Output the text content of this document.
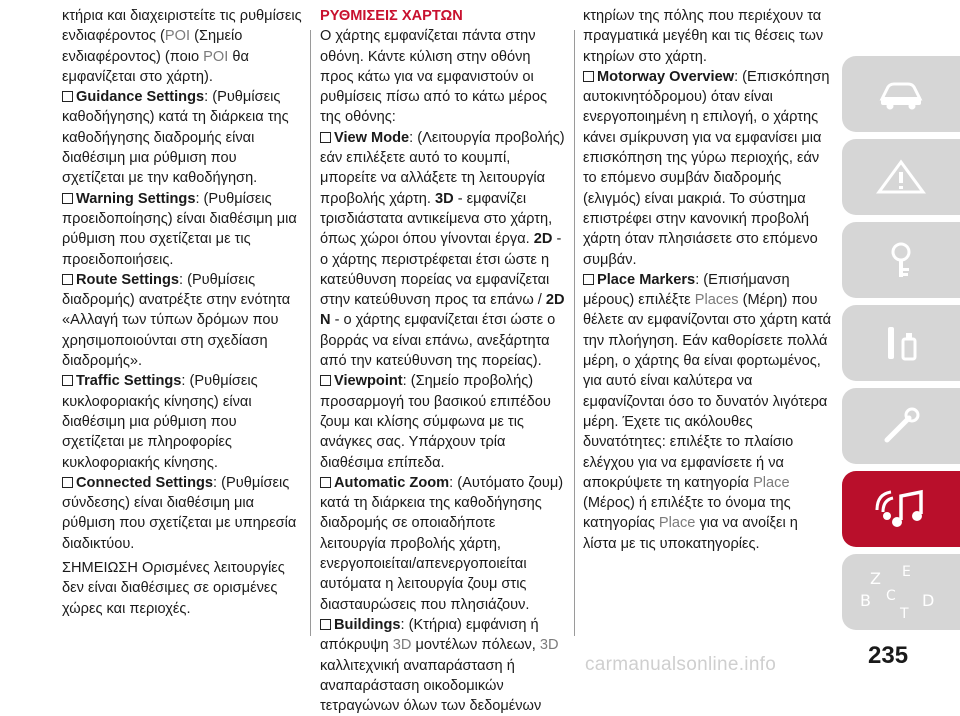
κτήρια και διαχειριστείτε τις ρυθμίσεις ενδιαφέροντος (POI (Σημείο ενδιαφέροντος) (ποιο POI θα εμφανίζεται στο χάρτη).

Guidance Settings: (Ρυθμίσεις καθοδήγησης) κατά τη διάρκεια της καθοδήγησης διαδρομής είναι διαθέσιμη μια ρύθμιση που σχετίζεται με την καθοδήγηση.

Warning Settings: (Ρυθμίσεις προειδοποίησης) είναι διαθέσιμη μια ρύθμιση που σχετίζεται με τις προειδοποιήσεις.

Route Settings: (Ρυθμίσεις διαδρομής) ανατρέξτε στην ενότητα «Αλλαγή των τύπων δρόμων που χρησιμοποιούνται στη σχεδίαση διαδρομής».

Traffic Settings: (Ρυθμίσεις κυκλοφοριακής κίνησης) είναι διαθέσιμη μια ρύθμιση που σχετίζεται με πληροφορίες κυκλοφοριακής κίνησης.

Connected Settings: (Ρυθμίσεις σύνδεσης) είναι διαθέσιμη μια ρύθμιση που σχετίζεται με υπηρεσία διαδικτύου.

ΣΗΜΕΙΩΣΗ Ορισμένες λειτουργίες δεν είναι διαθέσιμες σε ορισμένες χώρες και περιοχές.

ΡΥΘΜΙΣΕΙΣ ΧΑΡΤΩΝ

Ο χάρτης εμφανίζεται πάντα στην οθόνη. Κάντε κύλιση στην οθόνη προς κάτω για να εμφανιστούν οι ρυθμίσεις πίσω από το κάτω μέρος της οθόνης:

View Mode: (Λειτουργία προβολής) εάν επιλέξετε αυτό το κουμπί, μπορείτε να αλλάξετε τη λειτουργία προβολής χάρτη. 3D - εμφανίζει τρισδιάστατα αντικείμενα στο χάρτη, όπως χώροι όπου γίνονται έργα. 2D - ο χάρτης περιστρέφεται έτσι ώστε η κατεύθυνση πορείας να εμφανίζεται στην κατεύθυνση προς τα επάνω / 2D N - ο χάρτης εμφανίζεται έτσι ώστε ο βορράς να είναι επάνω, ανεξάρτητα από την κατεύθυνση της πορείας).

Viewpoint: (Σημείο προβολής) προσαρμογή του βασικού επιπέδου ζουμ και κλίσης σύμφωνα με τις ανάγκες σας. Υπάρχουν τρία διαθέσιμα επίπεδα.

Automatic Zoom: (Αυτόματο ζουμ) κατά τη διάρκεια της καθοδήγησης διαδρομής σε οποιαδήποτε λειτουργία προβολής χάρτη, ενεργοποιείται/απενεργοποιείται αυτόματα η λειτουργία ζουμ στις διασταυρώσεις που πλησιάζουν.

Buildings: (Κτήρια) εμφάνιση ή απόκρυψη 3D μοντέλων πόλεων, 3D καλλιτεχνική αναπαράσταση ή αναπαράσταση οικοδομικών τετραγώνων όλων των δεδομένων

κτηρίων της πόλης που περιέχουν τα πραγματικά μεγέθη και τις θέσεις των κτηρίων στο χάρτη.

Motorway Overview: (Επισκόπηση αυτοκινητόδρομου) όταν είναι ενεργοποιημένη η επιλογή, ο χάρτης κάνει σμίκρυνση για να εμφανίσει μια επισκόπηση της γύρω περιοχής, εάν το επόμενο συμβάν διαδρομής (ελιγμός) είναι μακριά. Το σύστημα επιστρέφει στην κανονική προβολή χάρτη όταν πλησιάσετε στο επόμενο συμβάν.

Place Markers: (Επισήμανση μέρους) επιλέξτε Places (Μέρη) που θέλετε αν εμφανίζονται στο χάρτη κατά την πλοήγηση. Εάν καθορίσετε πολλά μέρη, ο χάρτης θα είναι φορτωμένος, για αυτό είναι καλύτερα να εμφανίζονται όσο το δυνατόν λιγότερα μέρη. Έχετε τις ακόλουθες δυνατότητες: επιλέξτε το πλαίσιο ελέγχου για να εμφανίσετε ή να αποκρύψετε τη κατηγορία Place (Μέρος) ή επιλέξτε το όνομα της κατηγορίας Place για να ανοίξει η λίστα με τις υποκατηγορίες.

Z E
B C
T
D
235
carmanualsonline.info
